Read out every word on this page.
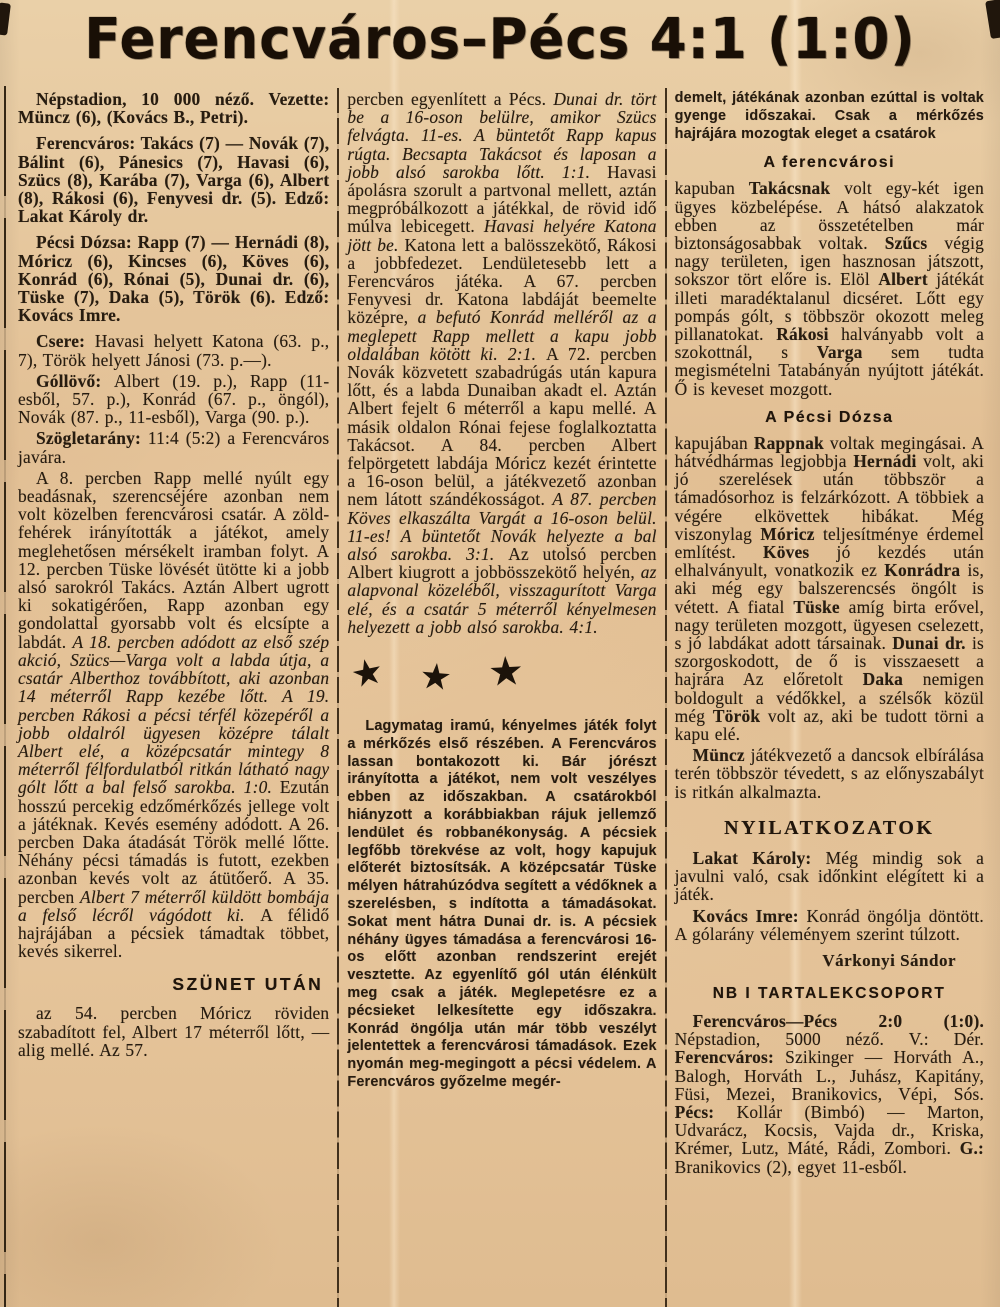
Ferencváros–Pécs 4:1 (1:0)

Népstadion, 10 000 néző. Vezette: Müncz (6), (Kovács B., Petri).

Ferencváros: Takács (7) — Novák (7), Bálint (6), Pánesics (7), Havasi (6), Szücs (8), Karába (7), Varga (6), Albert (8), Rákosi (6), Fenyvesi dr. (5). Edző: Lakat Károly dr.

Pécsi Dózsa: Rapp (7) — Hernádi (8), Móricz (6), Kincses (6), Köves (6), Konrád (6), Rónai (5), Dunai dr. (6), Tüske (7), Daka (5), Török (6). Edző: Kovács Imre.

Csere: Havasi helyett Katona (63. p., 7), Török helyett Jánosi (73. p.—).

Góllövő: Albert (19. p.), Rapp (11-esből, 57. p.), Konrád (67. p., öngól), Novák (87. p., 11-esből), Varga (90. p.).

Szögletarány: 11:4 (5:2) a Ferencváros javára.

A 8. percben Rapp mellé nyúlt egy beadásnak, szerencséjére azonban nem volt közelben ferencvárosi csatár. A zöld-fehérek irányították a játékot, amely meglehetősen mérsékelt iramban folyt. A 12. percben Tüske lövését ütötte ki a jobb alsó sarokról Takács. Aztán Albert ugrott ki sokatigérően, Rapp azonban egy gondolattal gyorsabb volt és elcsípte a labdát. A 18. percben adódott az első szép akció, Szücs—Varga volt a labda útja, a csatár Alberthoz továbbított, aki azonban 14 méterről Rapp kezébe lőtt. A 19. percben Rákosi a pécsi térfél közepéről a jobb oldalról ügyesen középre tálalt Albert elé, a középcsatár mintegy 8 méterről félfordulatból ritkán látható nagy gólt lőtt a bal felső sarokba. 1:0. Ezután hosszú percekig edzőmérkőzés jellege volt a játéknak. Kevés esemény adódott. A 26. percben Daka átadását Török mellé lőtte. Néhány pécsi támadás is futott, ezekben azonban kevés volt az átütőerő. A 35. percben Albert 7 méterről küldött bombája a felső lécről vágódott ki. A félidő hajrájában a pécsiek támadtak többet, kevés sikerrel.

SZÜNET UTÁN

az 54. percben Móricz röviden szabadított fel, Albert 17 méterről lőtt, — alig mellé. Az 57.

percben egyenlített a Pécs. Dunai dr. tört be a 16-oson belülre, amikor Szücs felvágta. 11-es. A büntetőt Rapp kapus rúgta. Becsapta Takácsot és laposan a jobb alsó sarokba lőtt. 1:1. Havasi ápolásra szorult a partvonal mellett, aztán megpróbálkozott a játékkal, de rövid idő múlva lebicegett. Havasi helyére Katona jött be. Katona lett a balösszekötő, Rákosi a jobbfedezet. Lendületesebb lett a Ferencváros játéka. A 67. percben Fenyvesi dr. Katona labdáját beemelte középre, a befutó Konrád melléről az a meglepett Rapp mellett a kapu jobb oldalában kötött ki. 2:1. A 72. percben Novák közvetett szabadrúgás után kapura lőtt, és a labda Dunaiban akadt el. Aztán Albert fejelt 6 méterről a kapu mellé. A másik oldalon Rónai fejese foglalkoztatta Takácsot. A 84. percben Albert felpörgetett labdája Móricz kezét érintette a 16-oson belül, a játékvezető azonban nem látott szándékosságot. A 87. percben Köves elkaszálta Vargát a 16-oson belül. 11-es! A büntetőt Novák helyezte a bal alsó sarokba. 3:1. Az utolsó percben Albert kiugrott a jobbösszekötő helyén, az alapvonal közeléből, visszagurított Varga elé, és a csatár 5 méterről kényelmesen helyezett a jobb alsó sarokba. 4:1.

★ ★ ★

Lagymatag iramú, kényelmes játék folyt a mérkőzés első részében. A Ferencváros lassan bontakozott ki. Bár jórészt irányította a játékot, nem volt veszélyes ebben az időszakban. A csatárokból hiányzott a korábbiakban rájuk jellemző lendület és robbanékonyság. A pécsiek legfőbb törekvése az volt, hogy kapujuk előterét biztosítsák. A középcsatár Tüske mélyen hátrahúzódva segített a védőknek a szerelésben, s indította a támadásokat. Sokat ment hátra Dunai dr. is. A pécsiek néhány ügyes támadása a ferencvárosi 16-os előtt azonban rendszerint erejét vesztette. Az egyenlítő gól után élénkült meg csak a játék. Meglepetésre ez a pécsieket lelkesítette egy időszakra. Konrád öngólja után már több veszélyt jelentettek a ferencvárosi támadások. Ezek nyomán meg-megingott a pécsi védelem. A Ferencváros győzelme megér-

demelt, játékának azonban ezúttal is voltak gyenge időszakai. Csak a mérkőzés hajrájára mozogtak eleget a csatárok

A ferencvárosi

kapuban Takácsnak volt egy-két igen ügyes közbelépése. A hátsó alakzatok ebben az összetételben már biztonságosabbak voltak. Szűcs végig nagy területen, igen hasznosan játszott, sokszor tört előre is. Elöl Albert játékát illeti maradéktalanul dicséret. Lőtt egy pompás gólt, s többször okozott meleg pillanatokat. Rákosi halványabb volt a szokottnál, s Varga sem tudta megismételni Tatabányán nyújtott játékát. Ő is keveset mozgott.

A Pécsi Dózsa

kapujában Rappnak voltak megingásai. A hátvédhármas legjobbja Hernádi volt, aki jó szerelések után többször a támadósorhoz is felzárkózott. A többiek a végére elkövettek hibákat. Még viszonylag Móricz teljesítménye érdemel említést. Köves jó kezdés után elhalványult, vonatkozik ez Konrádra is, aki még egy balszerencsés öngólt is vétett. A fiatal Tüske amíg birta erővel, nagy területen mozgott, ügyesen cselezett, s jó labdákat adott társainak. Dunai dr. is szorgoskodott, de ő is visszaesett a hajrára Az előretolt Daka nemigen boldogult a védőkkel, a szélsők közül még Török volt az, aki be tudott törni a kapu elé.

Müncz játékvezető a dancsok elbírálása terén többször tévedett, s az előnyszabályt is ritkán alkalmazta.

NYILATKOZATOK

Lakat Károly: Még mindig sok a javulni való, csak időnkint elégített ki a játék.

Kovács Imre: Konrád öngólja döntött. A gólarány véleményem szerint túlzott.

Várkonyi Sándor
NB I TARTALEKCSOPORT

Ferencváros—Pécs 2:0 (1:0). Népstadion, 5000 néző. V.: Dér. Ferencváros: Szikinger — Horváth A., Balogh, Horváth L., Juhász, Kapitány, Füsi, Mezei, Branikovics, Vépi, Sós. Pécs: Kollár (Bimbó) — Marton, Udvarácz, Kocsis, Vajda dr., Kriska, Krémer, Lutz, Máté, Rádi, Zombori. G.: Branikovics (2), egyet 11-esből.
